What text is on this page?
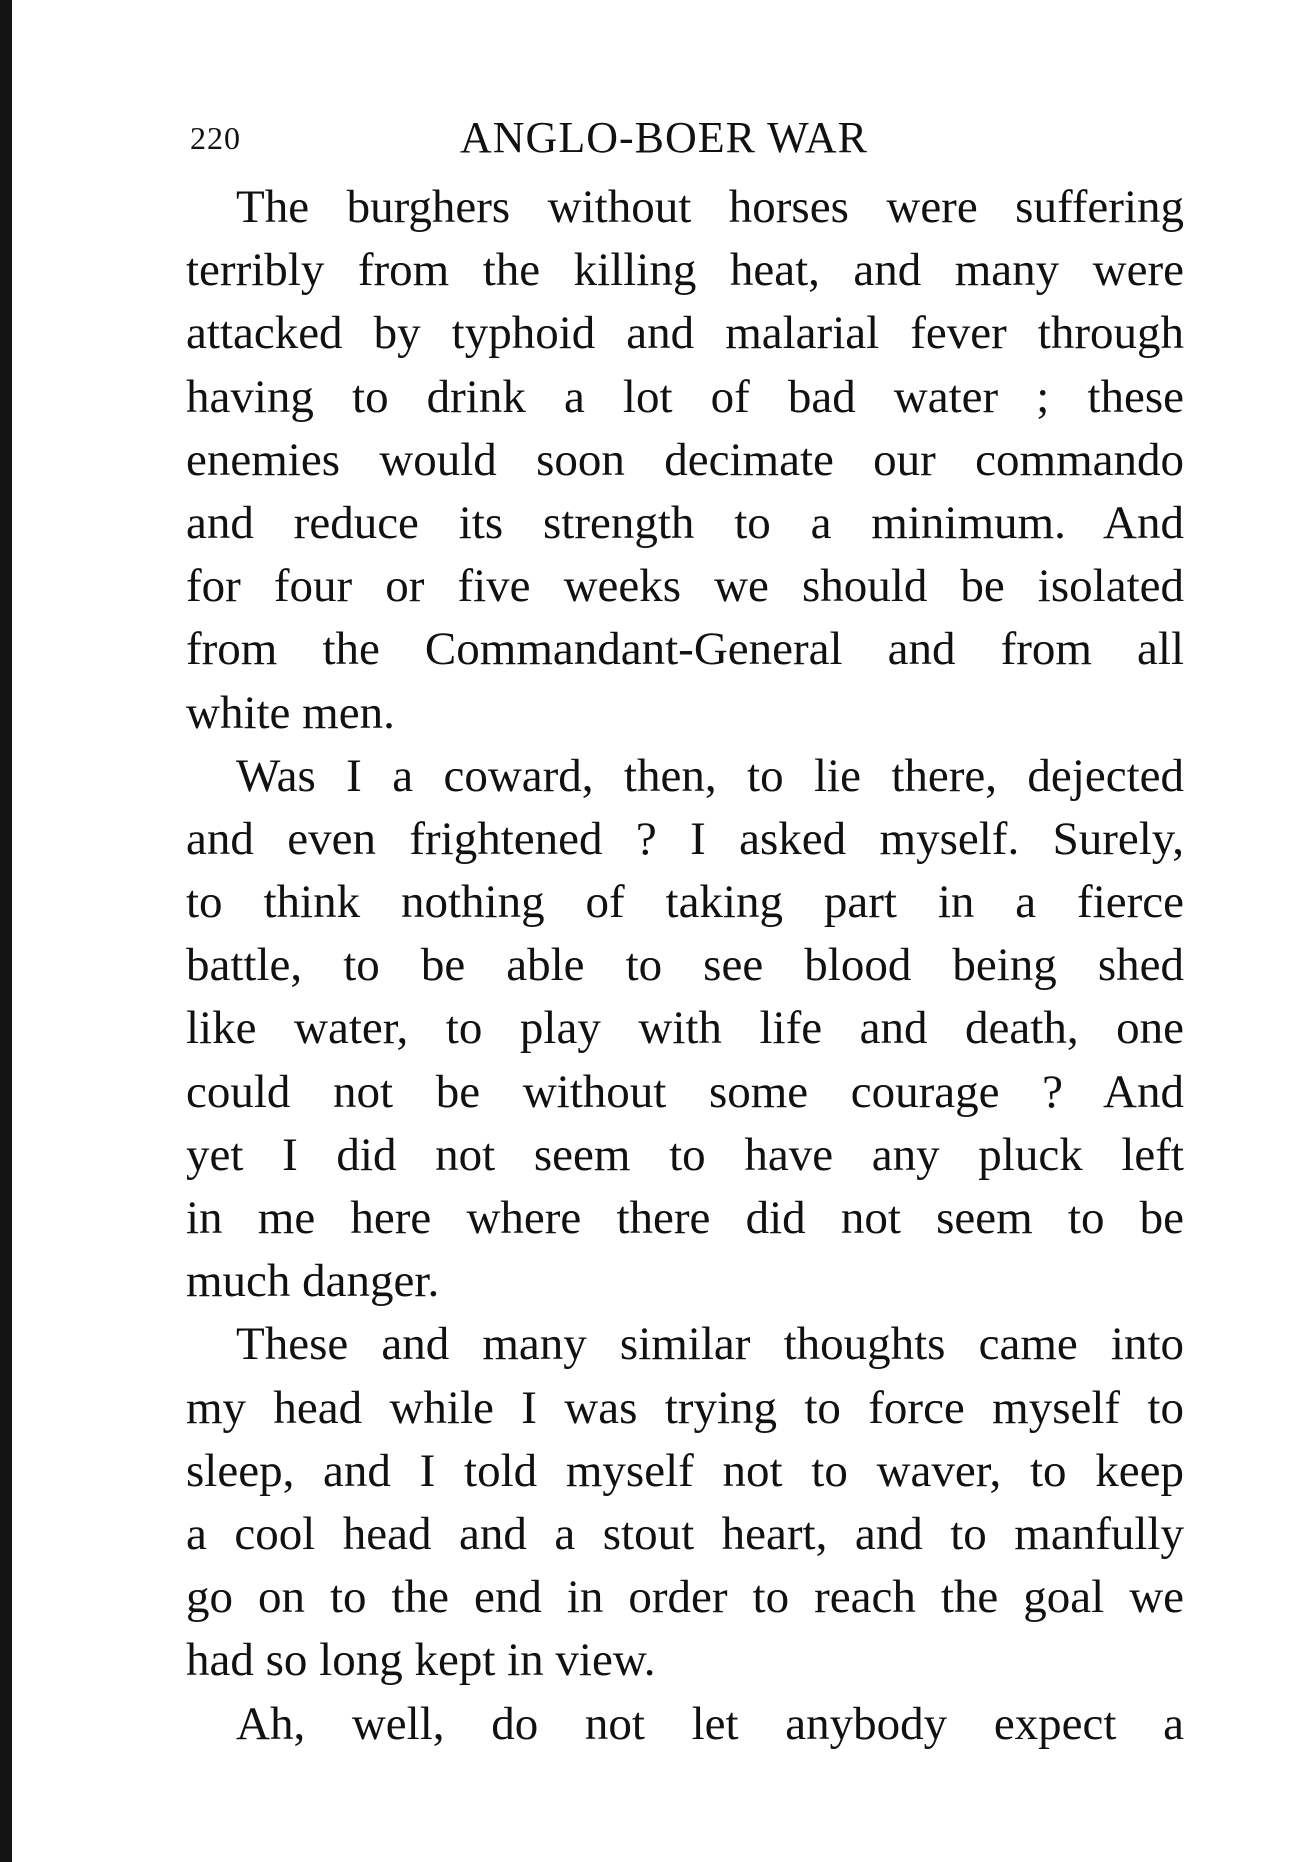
220	ANGLO-BOER WAR
The burghers without horses were suffering
terribly from the killing heat, and many were
attacked by typhoid and malarial fever through
having to drink a lot of bad water ; these
enemies would soon decimate our commando
and reduce its strength to a minimum. And
for four or five weeks we should be isolated
from the Commandant-General and from all
white men.
Was I a coward, then, to lie there, dejected
and even frightened ? I asked myself. Surely,
to think nothing of taking part in a fierce
battle, to be able to see blood being shed
like water, to play with life and death, one
could not be without some courage ? And
yet I did not seem to have any pluck left
in me here where there did not seem to be
much danger.
These and many similar thoughts came into
my head while I was trying to force myself to
sleep, and I told myself not to waver, to keep
a cool head and a stout heart, and to manfully
go on to the end in order to reach the goal we
had so long kept in view.
Ah, well, do not let anybody expect a
